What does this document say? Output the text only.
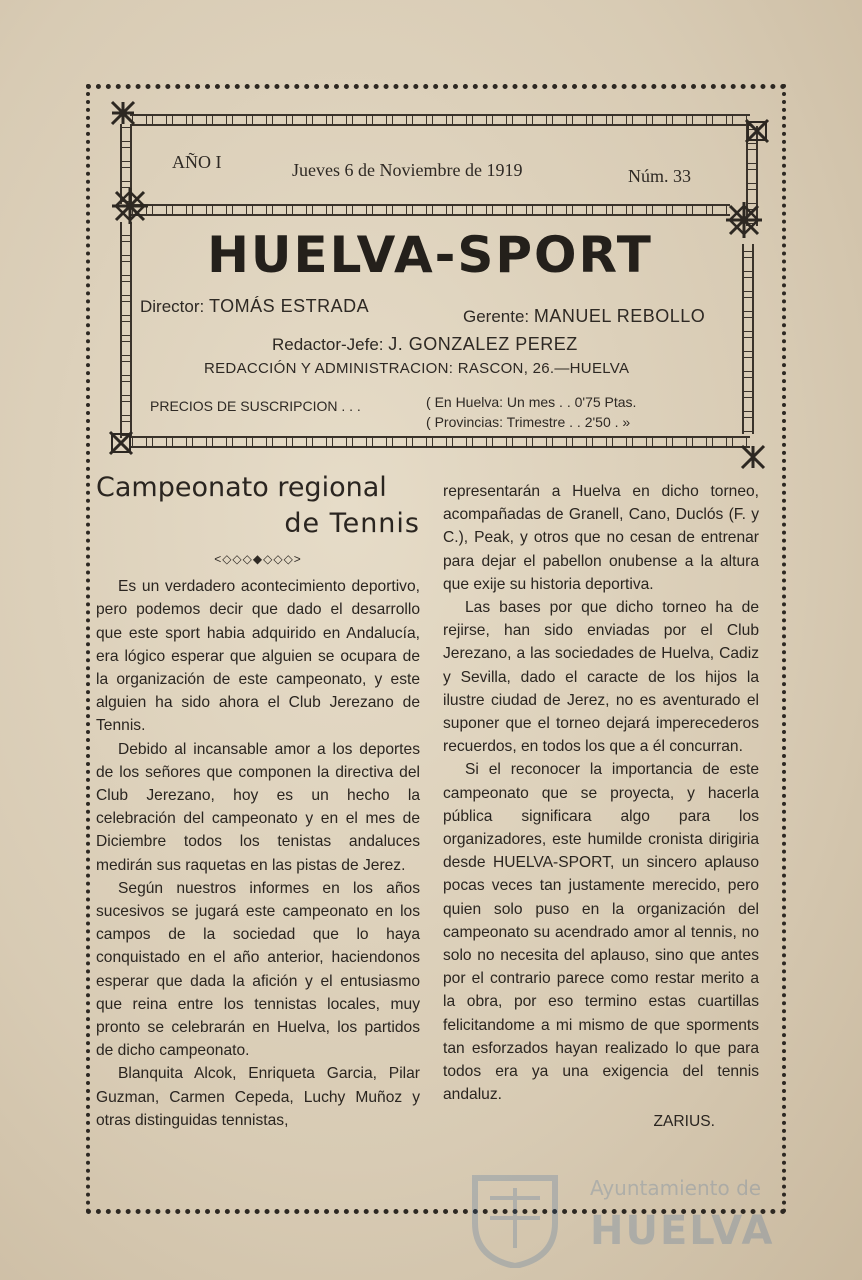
AÑO I	Jueves 6 de Noviembre de 1919	Núm. 33
HUELVA-SPORT
Director: TOMÁS ESTRADA
Gerente: MANUEL REBOLLO
Redactor-Jefe: J. GONZALEZ PEREZ
REDACCIÓN Y ADMINISTRACION: RASCON, 26.—HUELVA
PRECIOS DE SUSCRIPCION . . .	( En Huelva: Un mes . . 0'75 Ptas.
( Provincias: Trimestre . . 2'50 . »
Campeonato regional
de Tennis
<◇◇◇◆◇◇◇>

Es un verdadero acontecimiento deportivo, pero podemos decir que dado el desarrollo que este sport habia adquirido en Andalucía, era lógico esperar que alguien se ocupara de la organización de este campeonato, y este alguien ha sido ahora el Club Jerezano de Tennis.

Debido al incansable amor a los deportes de los señores que componen la directiva del Club Jerezano, hoy es un hecho la celebración del campeonato y en el mes de Diciembre todos los tenistas andaluces medirán sus raquetas en las pistas de Jerez.

Según nuestros informes en los años sucesivos se jugará este campeonato en los campos de la sociedad que lo haya conquistado en el año anterior, haciendonos esperar que dada la afición y el entusiasmo que reina entre los tennistas locales, muy pronto se celebrarán en Huelva, los partidos de dicho campeonato.

Blanquita Alcok, Enriqueta Garcia, Pilar Guzman, Carmen Cepeda, Luchy Muñoz y otras distinguidas tennistas,

representarán a Huelva en dicho torneo, acompañadas de Granell, Cano, Duclós (F. y C.), Peak, y otros que no cesan de entrenar para dejar el pabellon onubense a la altura que exije su historia deportiva.

Las bases por que dicho torneo ha de rejirse, han sido enviadas por el Club Jerezano, a las sociedades de Huelva, Cadiz y Sevilla, dado el caracte de los hijos la ilustre ciudad de Jerez, no es aventurado el suponer que el torneo dejará imperecederos recuerdos, en todos los que a él concurran.

Si el reconocer la importancia de este campeonato que se proyecta, y hacerla pública significara algo para los organizadores, este humilde cronista dirigiria desde HUELVA-SPORT, un sincero aplauso pocas veces tan justamente merecido, pero quien solo puso en la organización del campeonato su acendrado amor al tennis, no solo no necesita del aplauso, sino que antes por el contrario parece como restar merito a la obra, por eso termino estas cuartillas felicitandome a mi mismo de que sporments tan esforzados hayan realizado lo que para todos era ya una exigencia del tennis andaluz.

ZARIUS.
Ayuntamiento de
HUELVA
